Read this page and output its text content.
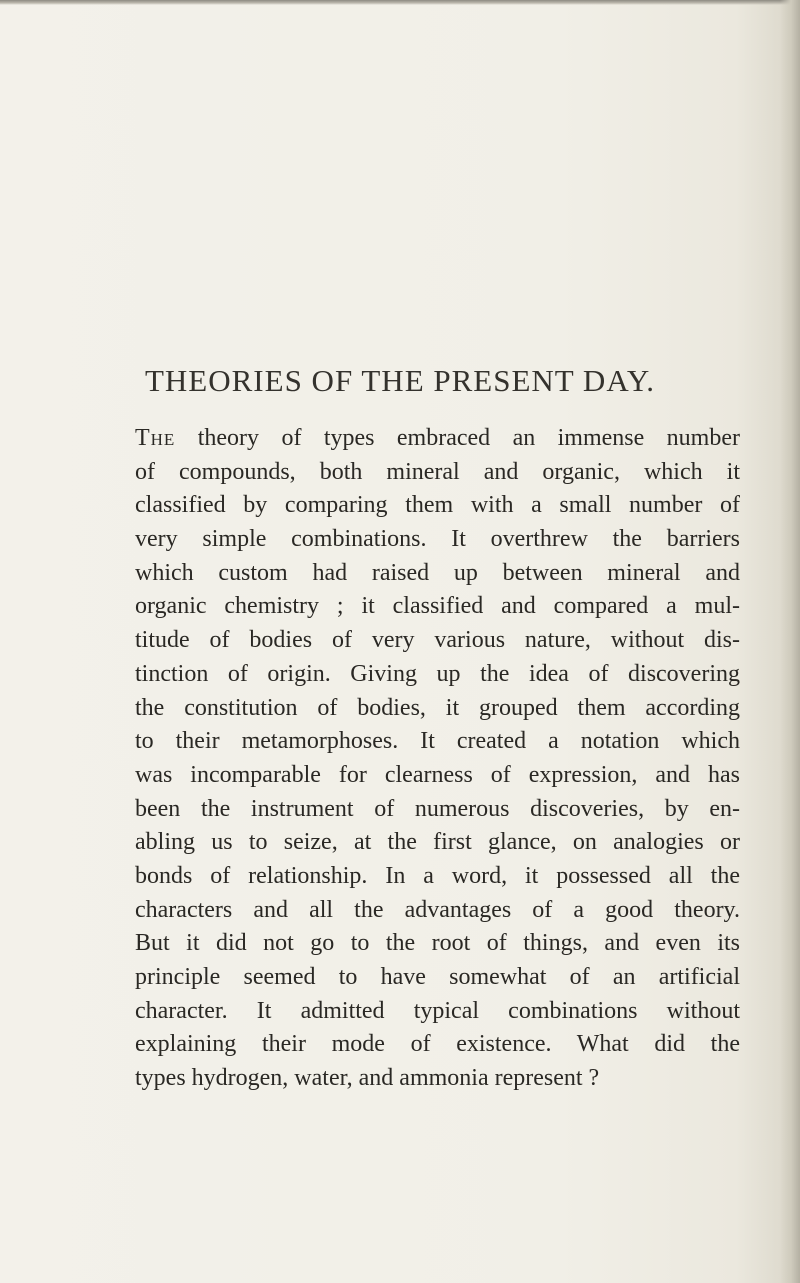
THEORIES OF THE PRESENT DAY.
The theory of types embraced an immense number
of compounds, both mineral and organic, which it
classified by comparing them with a small number of
very simple combinations. It overthrew the barriers
which custom had raised up between mineral and
organic chemistry ; it classified and compared a mul-
titude of bodies of very various nature, without dis-
tinction of origin. Giving up the idea of discovering
the constitution of bodies, it grouped them according
to their metamorphoses. It created a notation which
was incomparable for clearness of expression, and has
been the instrument of numerous discoveries, by en-
abling us to seize, at the first glance, on analogies or
bonds of relationship. In a word, it possessed all the
characters and all the advantages of a good theory.
But it did not go to the root of things, and even its
principle seemed to have somewhat of an artificial
character. It admitted typical combinations without
explaining their mode of existence. What did the
types hydrogen, water, and ammonia represent ?
